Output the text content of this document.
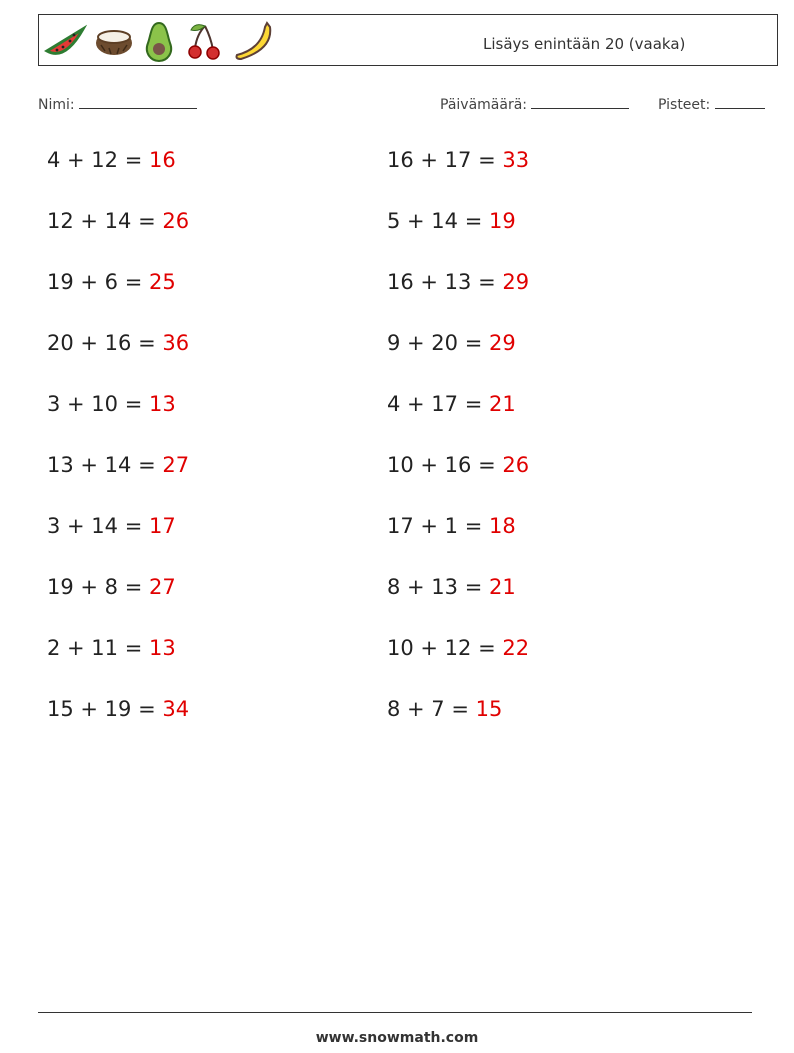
Lisäys enintään 20 (vaaka)
Nimi:	Päivämäärä:	Pisteet:
4 + 12 = 16	16 + 17 = 33
12 + 14 = 26	5 + 14 = 19
19 + 6 = 25	16 + 13 = 29
20 + 16 = 36	9 + 20 = 29
3 + 10 = 13	4 + 17 = 21
13 + 14 = 27	10 + 16 = 26
3 + 14 = 17	17 + 1 = 18
19 + 8 = 27	8 + 13 = 21
2 + 11 = 13	10 + 12 = 22
15 + 19 = 34	8 + 7 = 15
www.snowmath.com
